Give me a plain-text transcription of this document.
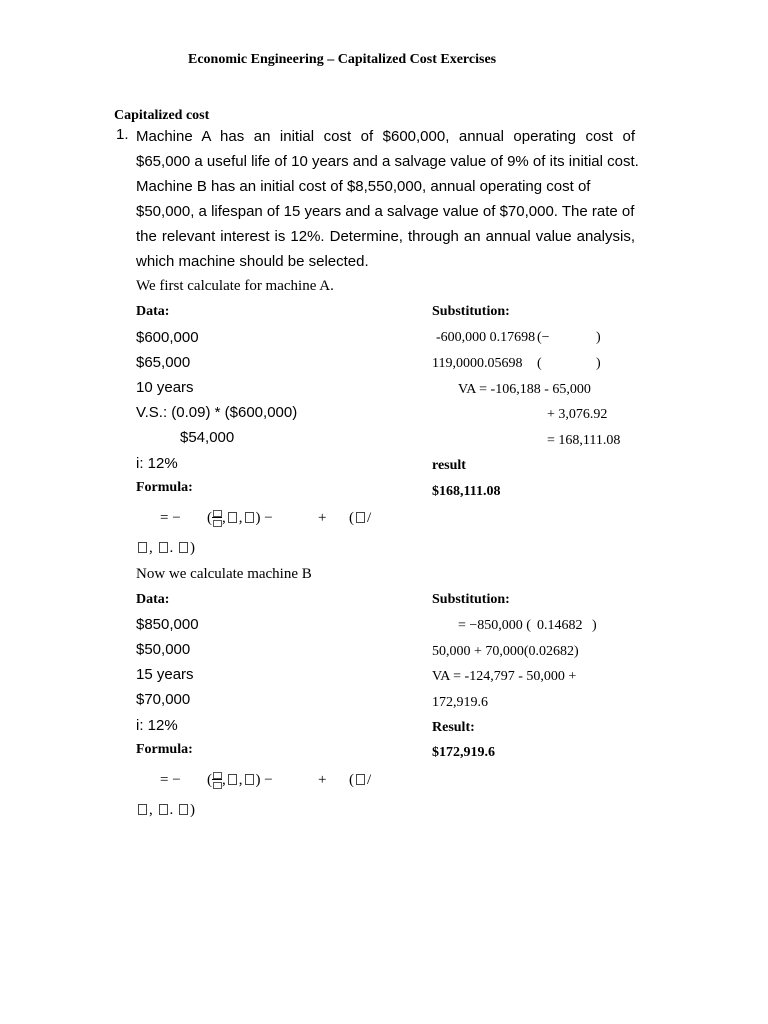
Economic Engineering – Capitalized Cost Exercises
Capitalized cost
1. Machine A has an initial cost of $600,000, annual operating cost of
$65,000 a useful life of 10 years and a salvage value of 9% of its initial cost.
Machine B has an initial cost of $8,550,000, annual operating cost of
$50,000, a lifespan of 15 years and a salvage value of $70,000. The rate of
the relevant interest is 12%. Determine, through an annual value analysis,
which machine should be selected.
We first calculate for machine A.
Data:
$600,000
$65,000
10 years
V.S.: (0.09) * ($600,000)
$54,000
i: 12%
Formula:
= − ( , , ) −	+ ( /
, . )
Substitution:
-600,000 0.17698 (−	)
119,0000.05698 (	)
VA = -106,188 - 65,000
+ 3,076.92
= 168,111.08
result
$168,111.08
Now we calculate machine B
Data:
$850,000
$50,000
15 years
$70,000
i: 12%
Formula:
= − ( , , ) −	+ ( /
, . )
Substitution:
= −850,000 ( 0.14682 )
50,000 + 70,000(0.02682)
VA = -124,797 - 50,000 +
172,919.6
Result:
$172,919.6
